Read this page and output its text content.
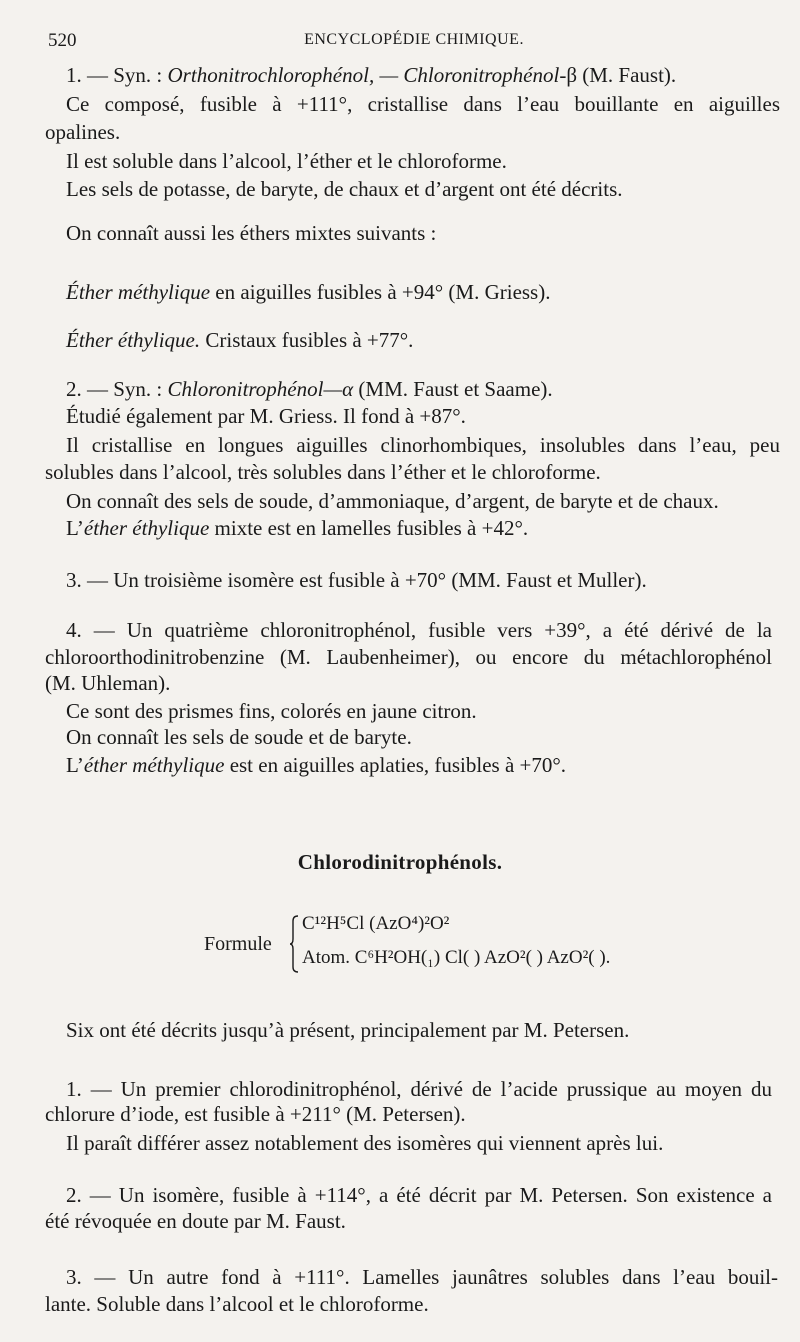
520	ENCYCLOPÉDIE CHIMIQUE.
1. — Syn. : Orthonitrochlorophénol, — Chloronitrophénol-β (M. Faust).
Ce composé, fusible à +111°, cristallise dans l’eau bouillante en aiguilles
opalines.
Il est soluble dans l’alcool, l’éther et le chloroforme.
Les sels de potasse, de baryte, de chaux et d’argent ont été décrits.
On connaît aussi les éthers mixtes suivants :
Éther méthylique en aiguilles fusibles à +94° (M. Griess).
Éther éthylique. Cristaux fusibles à +77°.
2. — Syn. : Chloronitrophénol—α (MM. Faust et Saame).
Étudié également par M. Griess. Il fond à +87°.
Il cristallise en longues aiguilles clinorhombiques, insolubles dans l’eau, peu
solubles dans l’alcool, très solubles dans l’éther et le chloroforme.
On connaît des sels de soude, d’ammoniaque, d’argent, de baryte et de chaux.
L’éther éthylique mixte est en lamelles fusibles à +42°.
3. — Un troisième isomère est fusible à +70° (MM. Faust et Muller).
4. — Un quatrième chloronitrophénol, fusible vers +39°, a été dérivé de la
chloroorthodinitrobenzine (M. Laubenheimer), ou encore du métachlorophénol
(M. Uhleman).
Ce sont des prismes fins, colorés en jaune citron.
On connaît les sels de soude et de baryte.
L’éther méthylique est en aiguilles aplaties, fusibles à +70°.
Chlorodinitrophénols.
Formule
C¹²H⁵Cl (AzO⁴)²O²
Atom. C⁶H²OH(₁) Cl( ) AzO²( ) AzO²( ).
Six ont été décrits jusqu’à présent, principalement par M. Petersen.
1. — Un premier chlorodinitrophénol, dérivé de l’acide prussique au moyen du
chlorure d’iode, est fusible à +211° (M. Petersen).
Il paraît différer assez notablement des isomères qui viennent après lui.
2. — Un isomère, fusible à +114°, a été décrit par M. Petersen. Son existence a
été révoquée en doute par M. Faust.
3. — Un autre fond à +111°. Lamelles jaunâtres solubles dans l’eau bouil-
lante. Soluble dans l’alcool et le chloroforme.
